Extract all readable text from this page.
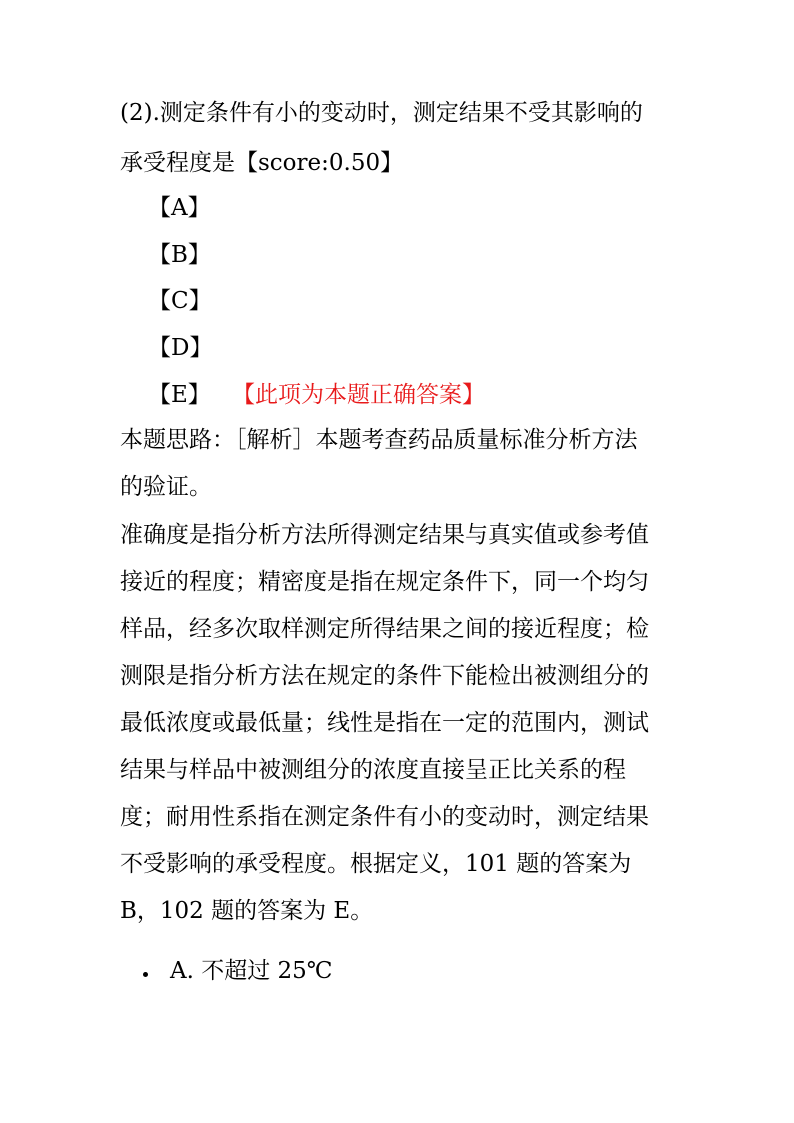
(2).测定条件有小的变动时，测定结果不受其影响的
承受程度是【score:0.50】
【A】
【B】
【C】
【D】
【E】 【此项为本题正确答案】
本题思路：［解析］本题考查药品质量标准分析方法
的验证。
准确度是指分析方法所得测定结果与真实值或参考值
接近的程度；精密度是指在规定条件下，同一个均匀
样品，经多次取样测定所得结果之间的接近程度；检
测限是指分析方法在规定的条件下能检出被测组分的
最低浓度或最低量；线性是指在一定的范围内，测试
结果与样品中被测组分的浓度直接呈正比关系的程
度；耐用性系指在测定条件有小的变动时，测定结果
不受影响的承受程度。根据定义，101 题的答案为
B，102 题的答案为 E。
A. 不超过 25℃
